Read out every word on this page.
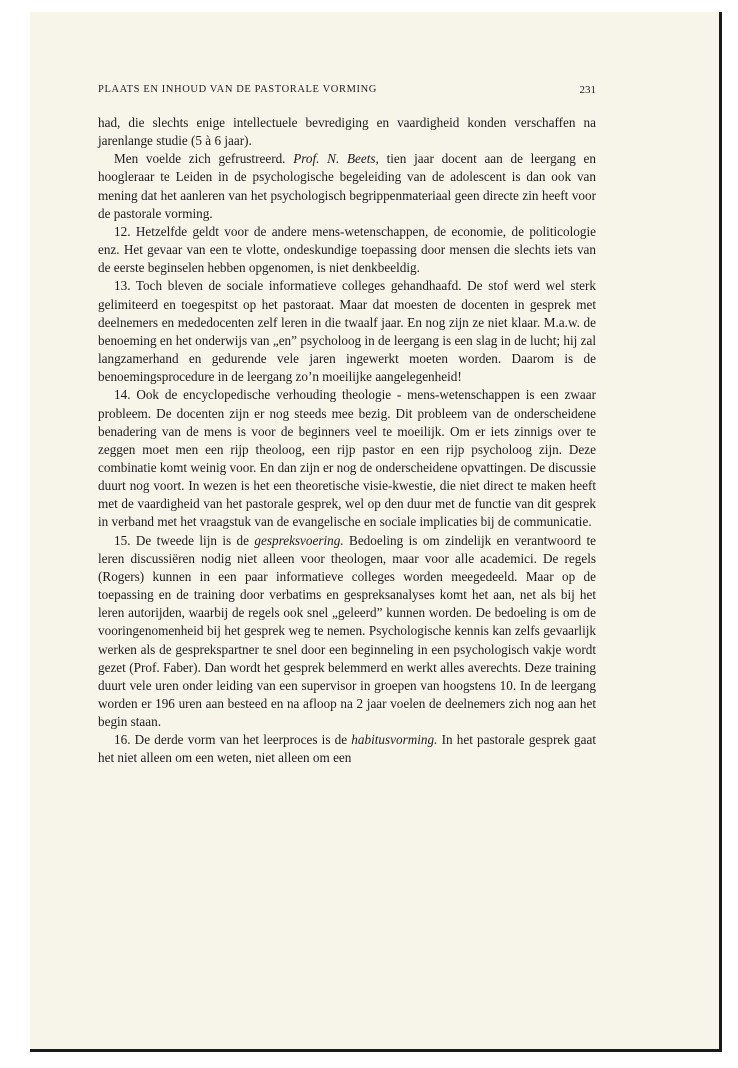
PLAATS EN INHOUD VAN DE PASTORALE VORMING	231

had, die slechts enige intellectuele bevrediging en vaardigheid konden verschaffen na jarenlange studie (5 à 6 jaar).

Men voelde zich gefrustreerd. Prof. N. Beets, tien jaar docent aan de leergang en hoogleraar te Leiden in de psychologische begeleiding van de adolescent is dan ook van mening dat het aanleren van het psychologisch begrippenmateriaal geen directe zin heeft voor de pastorale vorming.

12. Hetzelfde geldt voor de andere mens-wetenschappen, de economie, de politicologie enz. Het gevaar van een te vlotte, ondeskundige toepassing door mensen die slechts iets van de eerste beginselen hebben opgenomen, is niet denkbeeldig.

13. Toch bleven de sociale informatieve colleges gehandhaafd. De stof werd wel sterk gelimiteerd en toegespitst op het pastoraat. Maar dat moesten de docenten in gesprek met deelnemers en mededocenten zelf leren in die twaalf jaar. En nog zijn ze niet klaar. M.a.w. de benoeming en het onderwijs van „en” psycholoog in de leergang is een slag in de lucht; hij zal langzamerhand en gedurende vele jaren ingewerkt moeten worden. Daarom is de benoemingsprocedure in de leergang zo’n moeilijke aangelegenheid!

14. Ook de encyclopedische verhouding theologie - mens-wetenschappen is een zwaar probleem. De docenten zijn er nog steeds mee bezig. Dit probleem van de onderscheidene benadering van de mens is voor de beginners veel te moeilijk. Om er iets zinnigs over te zeggen moet men een rijp theoloog, een rijp pastor en een rijp psycholoog zijn. Deze combinatie komt weinig voor. En dan zijn er nog de onderscheidene opvattingen. De discussie duurt nog voort. In wezen is het een theoretische visie-kwestie, die niet direct te maken heeft met de vaardigheid van het pastorale gesprek, wel op den duur met de functie van dit gesprek in verband met het vraagstuk van de evangelische en sociale implicaties bij de communicatie.

15. De tweede lijn is de gespreksvoering. Bedoeling is om zindelijk en verantwoord te leren discussiëren nodig niet alleen voor theologen, maar voor alle academici. De regels (Rogers) kunnen in een paar informatieve colleges worden meegedeeld. Maar op de toepassing en de training door verbatims en gespreksanalyses komt het aan, net als bij het leren autorijden, waarbij de regels ook snel „geleerd” kunnen worden. De bedoeling is om de vooringenomenheid bij het gesprek weg te nemen. Psychologische kennis kan zelfs gevaarlijk werken als de gesprekspartner te snel door een beginneling in een psychologisch vakje wordt gezet (Prof. Faber). Dan wordt het gesprek belemmerd en werkt alles averechts. Deze training duurt vele uren onder leiding van een supervisor in groepen van hoogstens 10. In de leergang worden er 196 uren aan besteed en na afloop na 2 jaar voelen de deelnemers zich nog aan het begin staan.

16. De derde vorm van het leerproces is de habitusvorming. In het pastorale gesprek gaat het niet alleen om een weten, niet alleen om een
